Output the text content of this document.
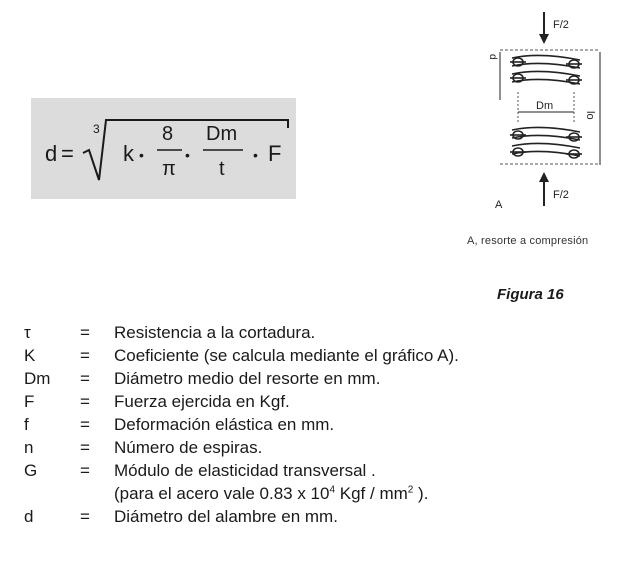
d =
3
k •
8
π
•
Dm
t
• F
F/2
d
Dm
lo
F/2
A
A, resorte a compresión
Figura 16
τ	= Resistencia a la cortadura.
K	= Coeficiente (se calcula mediante el gráfico A).
Dm = Diámetro medio del resorte en mm.
F	= Fuerza ejercida en Kgf.
f	= Deformación elástica en mm.
n	= Número de espiras.
G	= Módulo de elasticidad transversal .
(para el acero vale 0.83 x $10^4$ Kgf / $mm^2$ ).
d	= Diámetro del alambre en mm.
